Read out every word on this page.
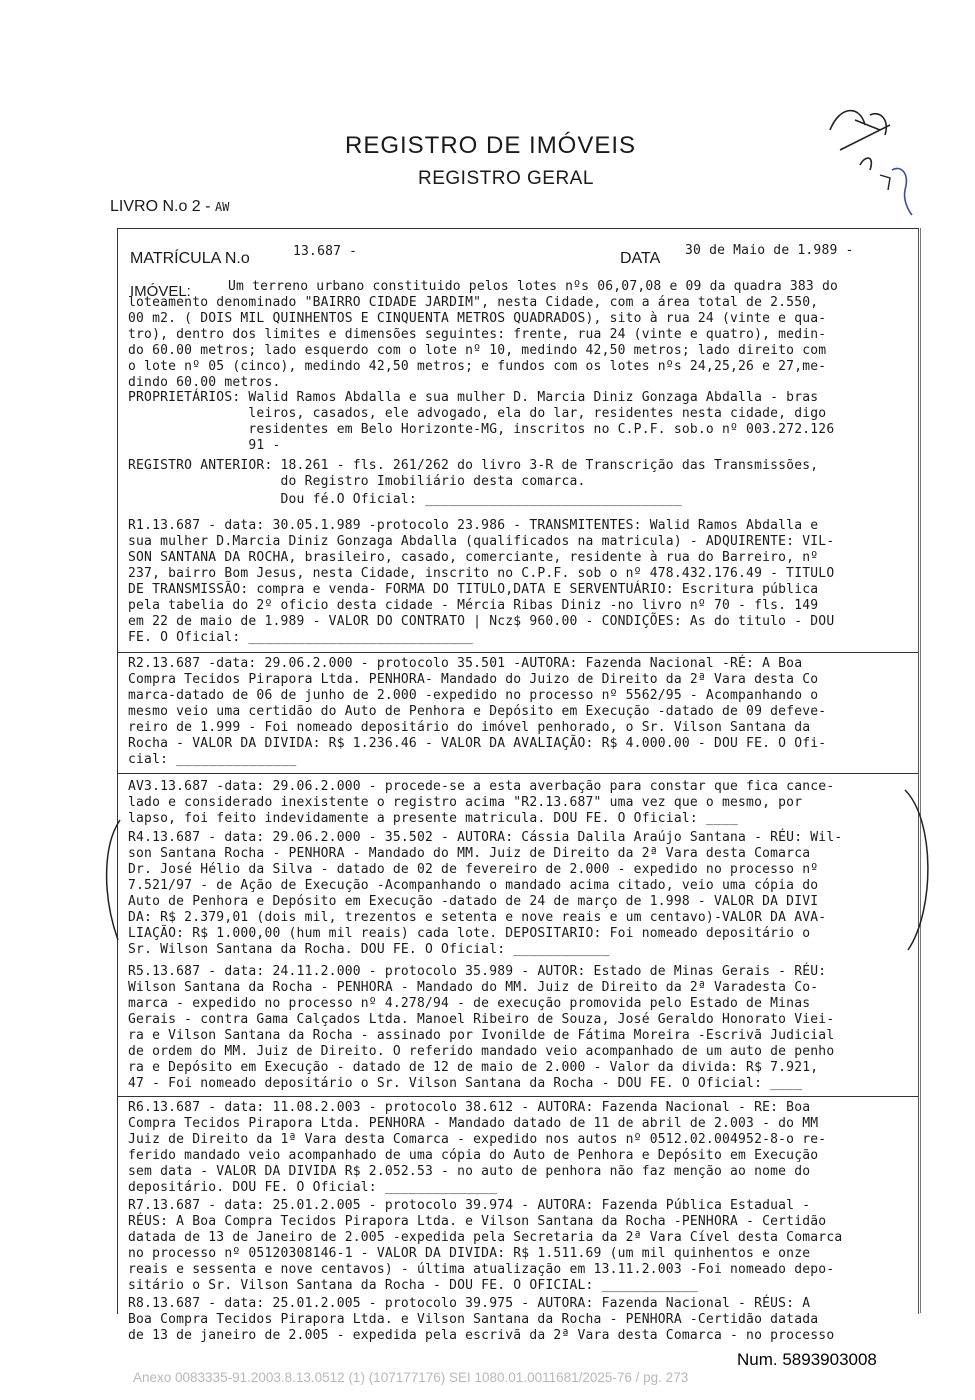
REGISTRO DE IMÓVEIS
REGISTRO GERAL
LIVRO N.o 2 - AW
MATRÍCULA N.o	13.687 -	DATA 30 de Maio de 1.989 -
IMÓVEL:	Um terreno urbano constituido pelos lotes nºs 06,07,08 e 09 da quadra 383 do
loteamento denominado "BAIRRO CIDADE JARDIM", nesta Cidade, com a área total de 2.550,
00 m2. ( DOIS MIL QUINHENTOS E CINQUENTA METROS QUADRADOS), sito à rua 24 (vinte e qua-
tro), dentro dos limites e dimensões seguintes: frente, rua 24 (vinte e quatro), medin-
do 60.00 metros; lado esquerdo com o lote nº 10, medindo 42,50 metros; lado direito com
o lote nº 05 (cinco), medindo 42,50 metros; e fundos com os lotes nºs 24,25,26 e 27,me-
dindo 60.00 metros.
PROPRIETÁRIOS: Walid Ramos Abdalla e sua mulher D. Marcia Diniz Gonzaga Abdalla - bras
leiros, casados, ele advogado, ela do lar, residentes nesta cidade, digo
residentes em Belo Horizonte-MG, inscritos no C.P.F. sob.o nº 003.272.126
91 -
REGISTRO ANTERIOR: 18.261 - fls. 261/262 do livro 3-R de Transcrição das Transmissões,
do Registro Imobiliário desta comarca.
Dou fé.O Oficial: ________________________________
R1.13.687 - data: 30.05.1.989 -protocolo 23.986 - TRANSMITENTES: Walid Ramos Abdalla e
sua mulher D.Marcia Diniz Gonzaga Abdalla (qualificados na matricula) - ADQUIRENTE: VIL-
SON SANTANA DA ROCHA, brasileiro, casado, comerciante, residente à rua do Barreiro, nº
237, bairro Bom Jesus, nesta Cidade, inscrito no C.P.F. sob o nº 478.432.176.49 - TITULO
DE TRANSMISSÃO: compra e venda- FORMA DO TITULO,DATA E SERVENTUÁRIO: Escritura pública
pela tabelia do 2º oficio desta cidade - Mércia Ribas Diniz -no livro nº 70 - fls. 149
em 22 de maio de 1.989 - VALOR DO CONTRATO | Ncz$ 960.00 - CONDIÇÕES: As do titulo - DOU
FE. O Oficial: ____________________________
R2.13.687 -data: 29.06.2.000 - protocolo 35.501 -AUTORA: Fazenda Nacional -RÉ: A Boa
Compra Tecidos Pirapora Ltda. PENHORA- Mandado do Juizo de Direito da 2ª Vara desta Co
marca-datado de 06 de junho de 2.000 -expedido no processo nº 5562/95 - Acompanhando o
mesmo veio uma certidão do Auto de Penhora e Depósito em Execução -datado de 09 defeve-
reiro de 1.999 - Foi nomeado depositário do imóvel penhorado, o Sr. Vilson Santana da
Rocha - VALOR DA DIVIDA: R$ 1.236.46 - VALOR DA AVALIAÇÃO: R$ 4.000.00 - DOU FE. O Ofi-
cial: _______________
AV3.13.687 -data: 29.06.2.000 - procede-se a esta averbação para constar que fica cance-
lado e considerado inexistente o registro acima "R2.13.687" uma vez que o mesmo, por
lapso, foi feito indevidamente a presente matricula. DOU FE. O Oficial: ____
R4.13.687 - data: 29.06.2.000 - 35.502 - AUTORA: Cássia Dalila Araújo Santana - RÉU: Wil-
son Santana Rocha - PENHORA - Mandado do MM. Juiz de Direito da 2ª Vara desta Comarca
Dr. José Hélio da Silva - datado de 02 de fevereiro de 2.000 - expedido no processo nº
7.521/97 - de Ação de Execução -Acompanhando o mandado acima citado, veio uma cópia do
Auto de Penhora e Depósito em Execução -datado de 24 de março de 1.998 - VALOR DA DIVI
DA: R$ 2.379,01 (dois mil, trezentos e setenta e nove reais e um centavo)-VALOR DA AVA-
LIAÇÃO: R$ 1.000,00 (hum mil reais) cada lote. DEPOSITARIO: Foi nomeado depositário o
Sr. Wilson Santana da Rocha. DOU FE. O Oficial: ____________
R5.13.687 - data: 24.11.2.000 - protocolo 35.989 - AUTOR: Estado de Minas Gerais - RÉU:
Wilson Santana da Rocha - PENHORA - Mandado do MM. Juiz de Direito da 2ª Varadesta Co-
marca - expedido no processo nº 4.278/94 - de execução promovida pelo Estado de Minas
Gerais - contra Gama Calçados Ltda. Manoel Ribeiro de Souza, José Geraldo Honorato Viei-
ra e Vilson Santana da Rocha - assinado por Ivonilde de Fátima Moreira -Escrivã Judicial
de ordem do MM. Juiz de Direito. O referido mandado veio acompanhado de um auto de penho
ra e Depósito em Execução - datado de 12 de maio de 2.000 - Valor da divida: R$ 7.921,
47 - Foi nomeado depositário o Sr. Vilson Santana da Rocha - DOU FE. O Oficial: ____
R6.13.687 - data: 11.08.2.003 - protocolo 38.612 - AUTORA: Fazenda Nacional - RE: Boa
Compra Tecidos Pirapora Ltda. PENHORA - Mandado datado de 11 de abril de 2.003 - do MM
Juiz de Direito da 1ª Vara desta Comarca - expedido nos autos nº 0512.02.004952-8-o re-
ferido mandado veio acompanhado de uma cópia do Auto de Penhora e Depósito em Execução
sem data - VALOR DA DIVIDA R$ 2.052.53 - no auto de penhora não faz menção ao nome do
depositário. DOU FE. O Oficial: ______________
R7.13.687 - data: 25.01.2.005 - protocolo 39.974 - AUTORA: Fazenda Pública Estadual -
RÉUS: A Boa Compra Tecidos Pirapora Ltda. e Vilson Santana da Rocha -PENHORA - Certidão
datada de 13 de Janeiro de 2.005 -expedida pela Secretaria da 2ª Vara Cível desta Comarca
no processo nº 05120308146-1 - VALOR DA DIVIDA: R$ 1.511.69 (um mil quinhentos e onze
reais e sessenta e nove centavos) - última atualização em 13.11.2.003 -Foi nomeado depo-
sitário o Sr. Vilson Santana da Rocha - DOU FE. O OFICIAL: ____________
R8.13.687 - data: 25.01.2.005 - protocolo 39.975 - AUTORA: Fazenda Nacional - RÉUS: A
Boa Compra Tecidos Pirapora Ltda. e Vilson Santana da Rocha - PENHORA -Certidão datada
de 13 de janeiro de 2.005 - expedida pela escrivã da 2ª Vara desta Comarca - no processo
Num. 5893903008
Anexo 0083335-91.2003.8.13.0512 (1) (107177176) SEI 1080.01.0011681/2025-76 / pg. 273
